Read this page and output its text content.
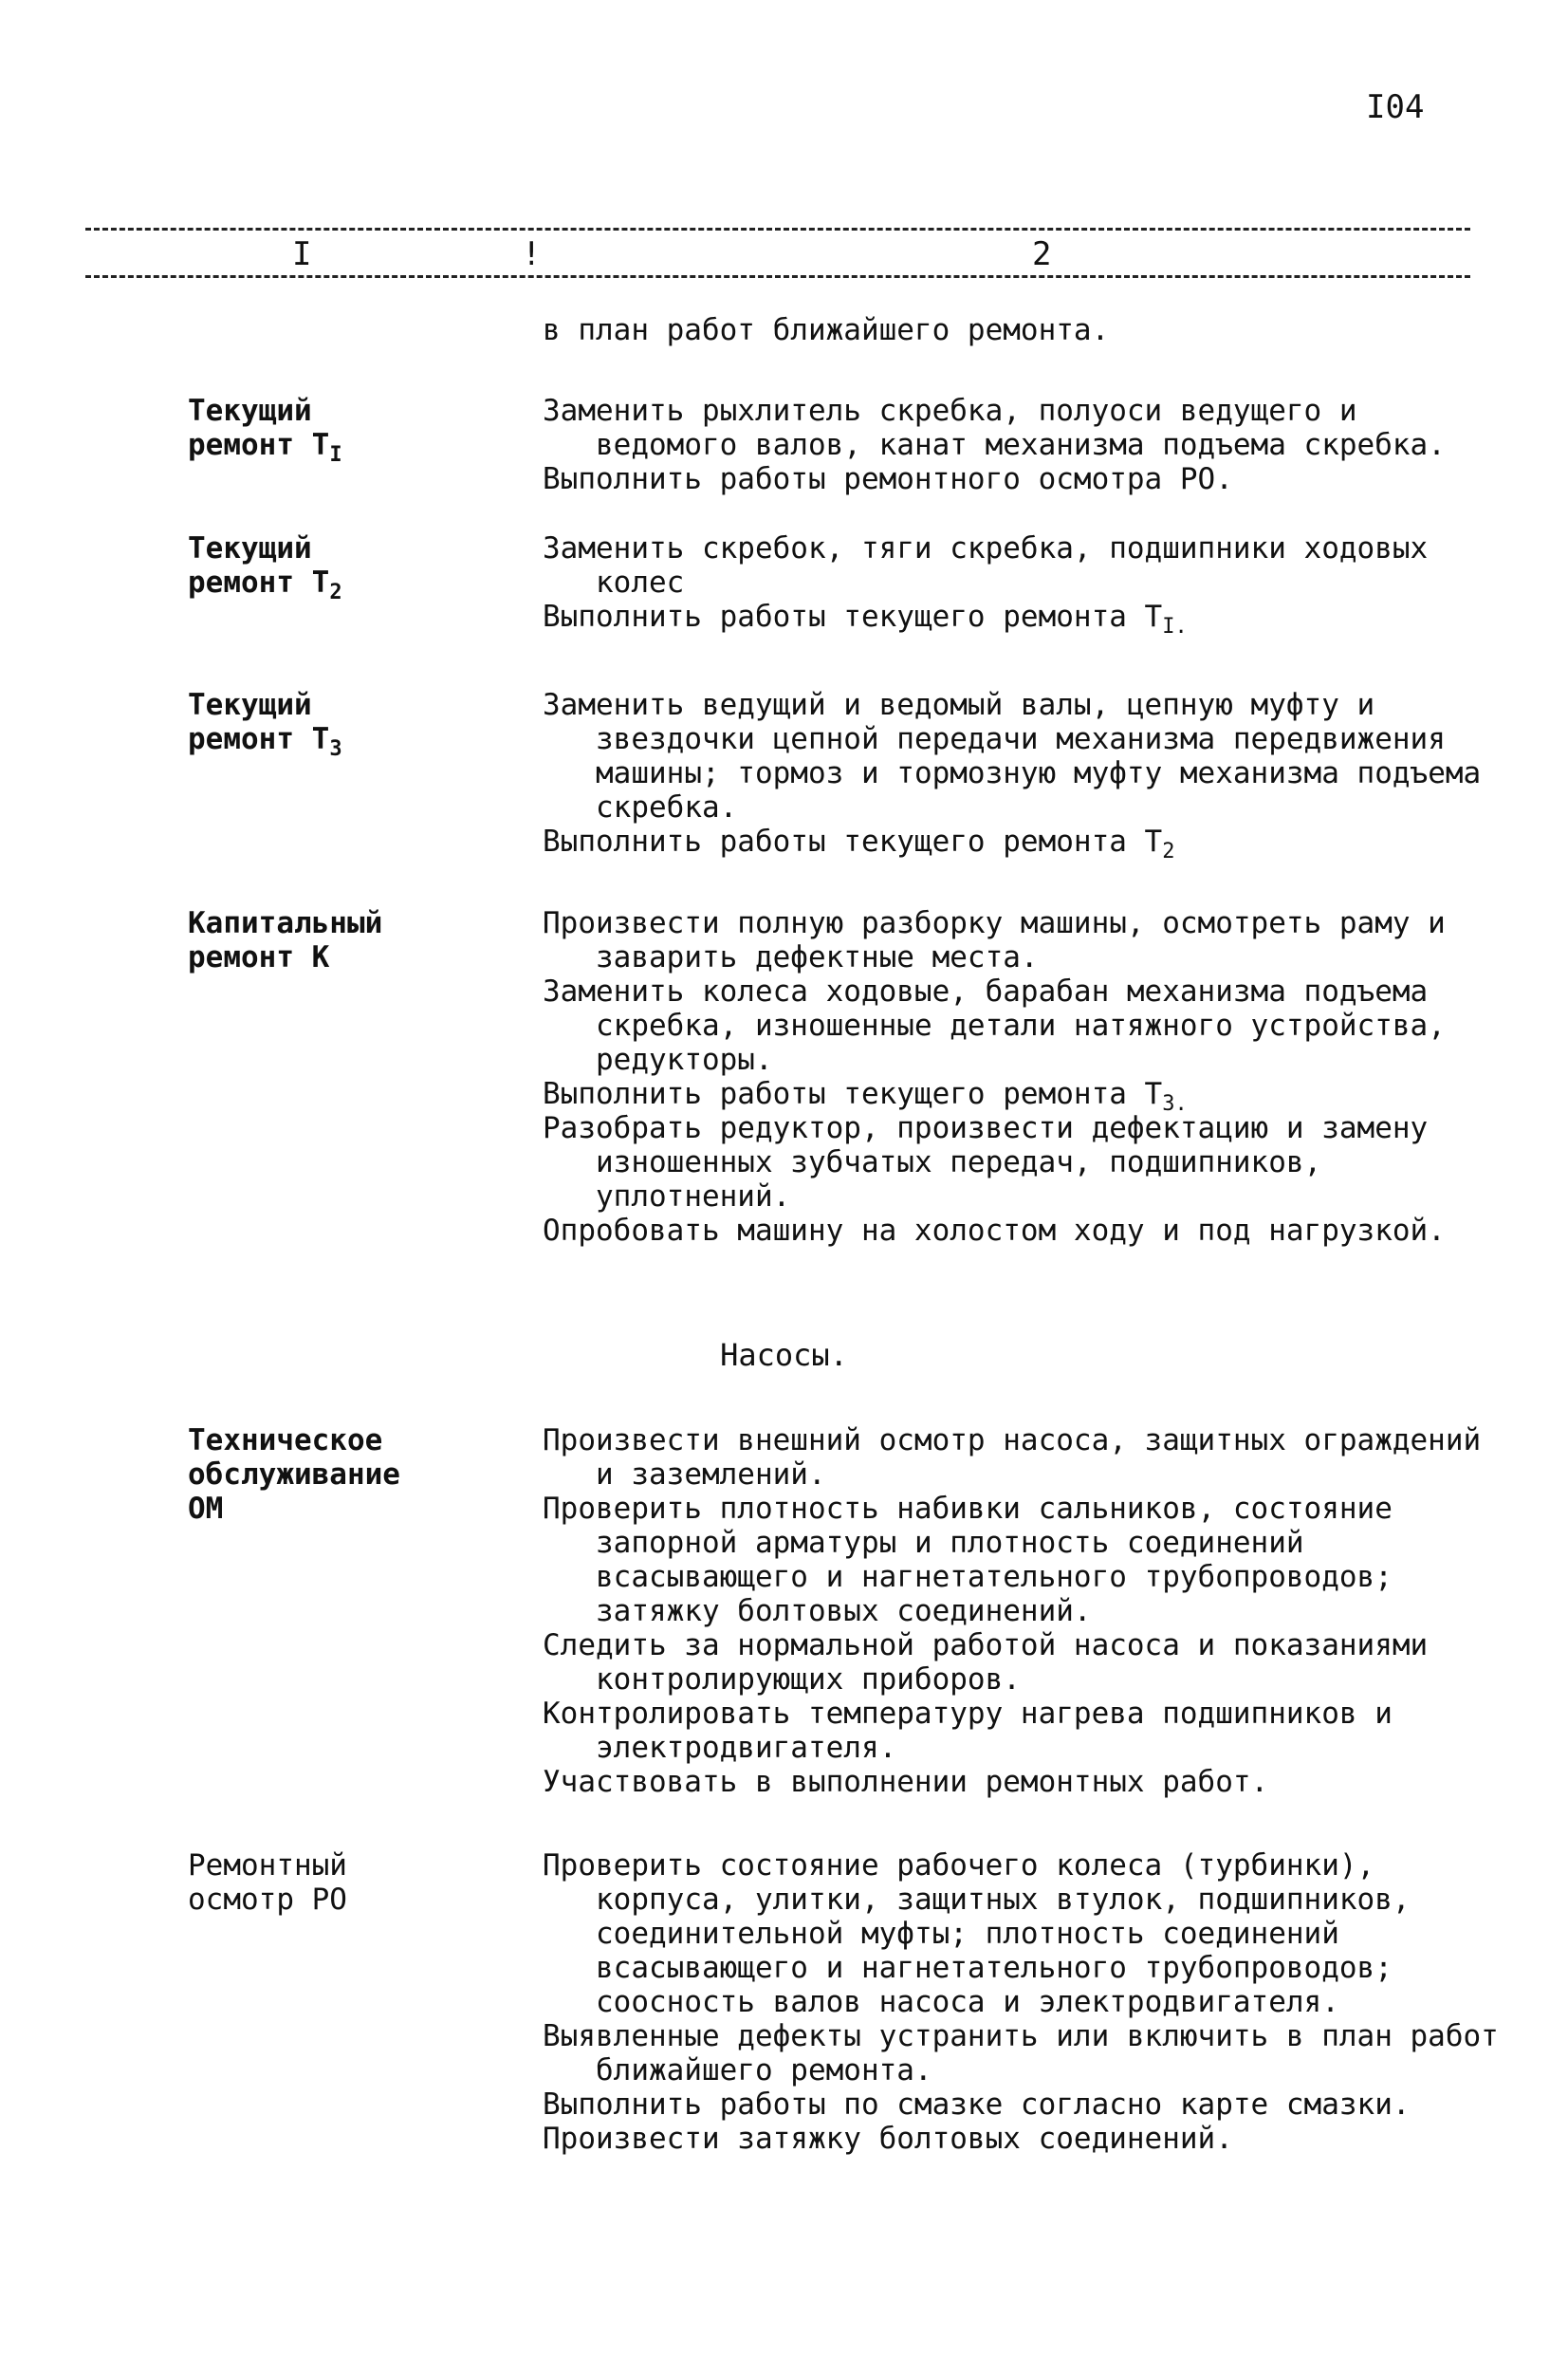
I04
I	!	2

в план работ ближайшего ремонта.

Текущий
ремонт $T_I$

Заменить рыхлитель скребка, полуоси ведущего и ведомого валов, канат механизма подъема скребка.

Выполнить работы ремонтного осмотра РО.

Текущий
ремонт $T_2$

Заменить скребок, тяги скребка, подшипники ходовых колес

Выполнить работы текущего ремонта $T_{I.}$

Текущий
ремонт $T_3$

Заменить ведущий и ведомый валы, цепную муфту и звездочки цепной передачи механизма передвижения машины; тормоз и тормозную муфту механизма подъема скребка.

Выполнить работы текущего ремонта $T_2$

Капитальный
ремонт К

Произвести полную разборку машины, осмотреть раму и заварить дефектные места.

Заменить колеса ходовые, барабан механизма подъема скребка, изношенные детали натяжного устройства, редукторы.

Выполнить работы текущего ремонта $T_{3.}$

Разобрать редуктор, произвести дефектацию и замену изношенных зубчатых передач, подшипников, уплотнений.

Опробовать машину на холостом ходу и под нагрузкой.

Насосы.
Техническое
обслуживание
ОМ

Произвести внешний осмотр насоса, защитных ограждений и заземлений.

Проверить плотность набивки сальников, состояние запорной арматуры и плотность соединений всасывающего и нагнетательного трубопроводов; затяжку болтовых соединений.

Следить за нормальной работой насоса и показаниями контролирующих приборов.

Контролировать температуру нагрева подшипников и электродвигателя.

Участвовать в выполнении ремонтных работ.

Ремонтный
осмотр РО

Проверить состояние рабочего колеса (турбинки), корпуса, улитки, защитных втулок, подшипников, соединительной муфты; плотность соединений всасывающего и нагнетательного трубопроводов; соосность валов насоса и электродвигателя.

Выявленные дефекты устранить или включить в план работ ближайшего ремонта.

Выполнить работы по смазке согласно карте смазки.

Произвести затяжку болтовых соединений.
